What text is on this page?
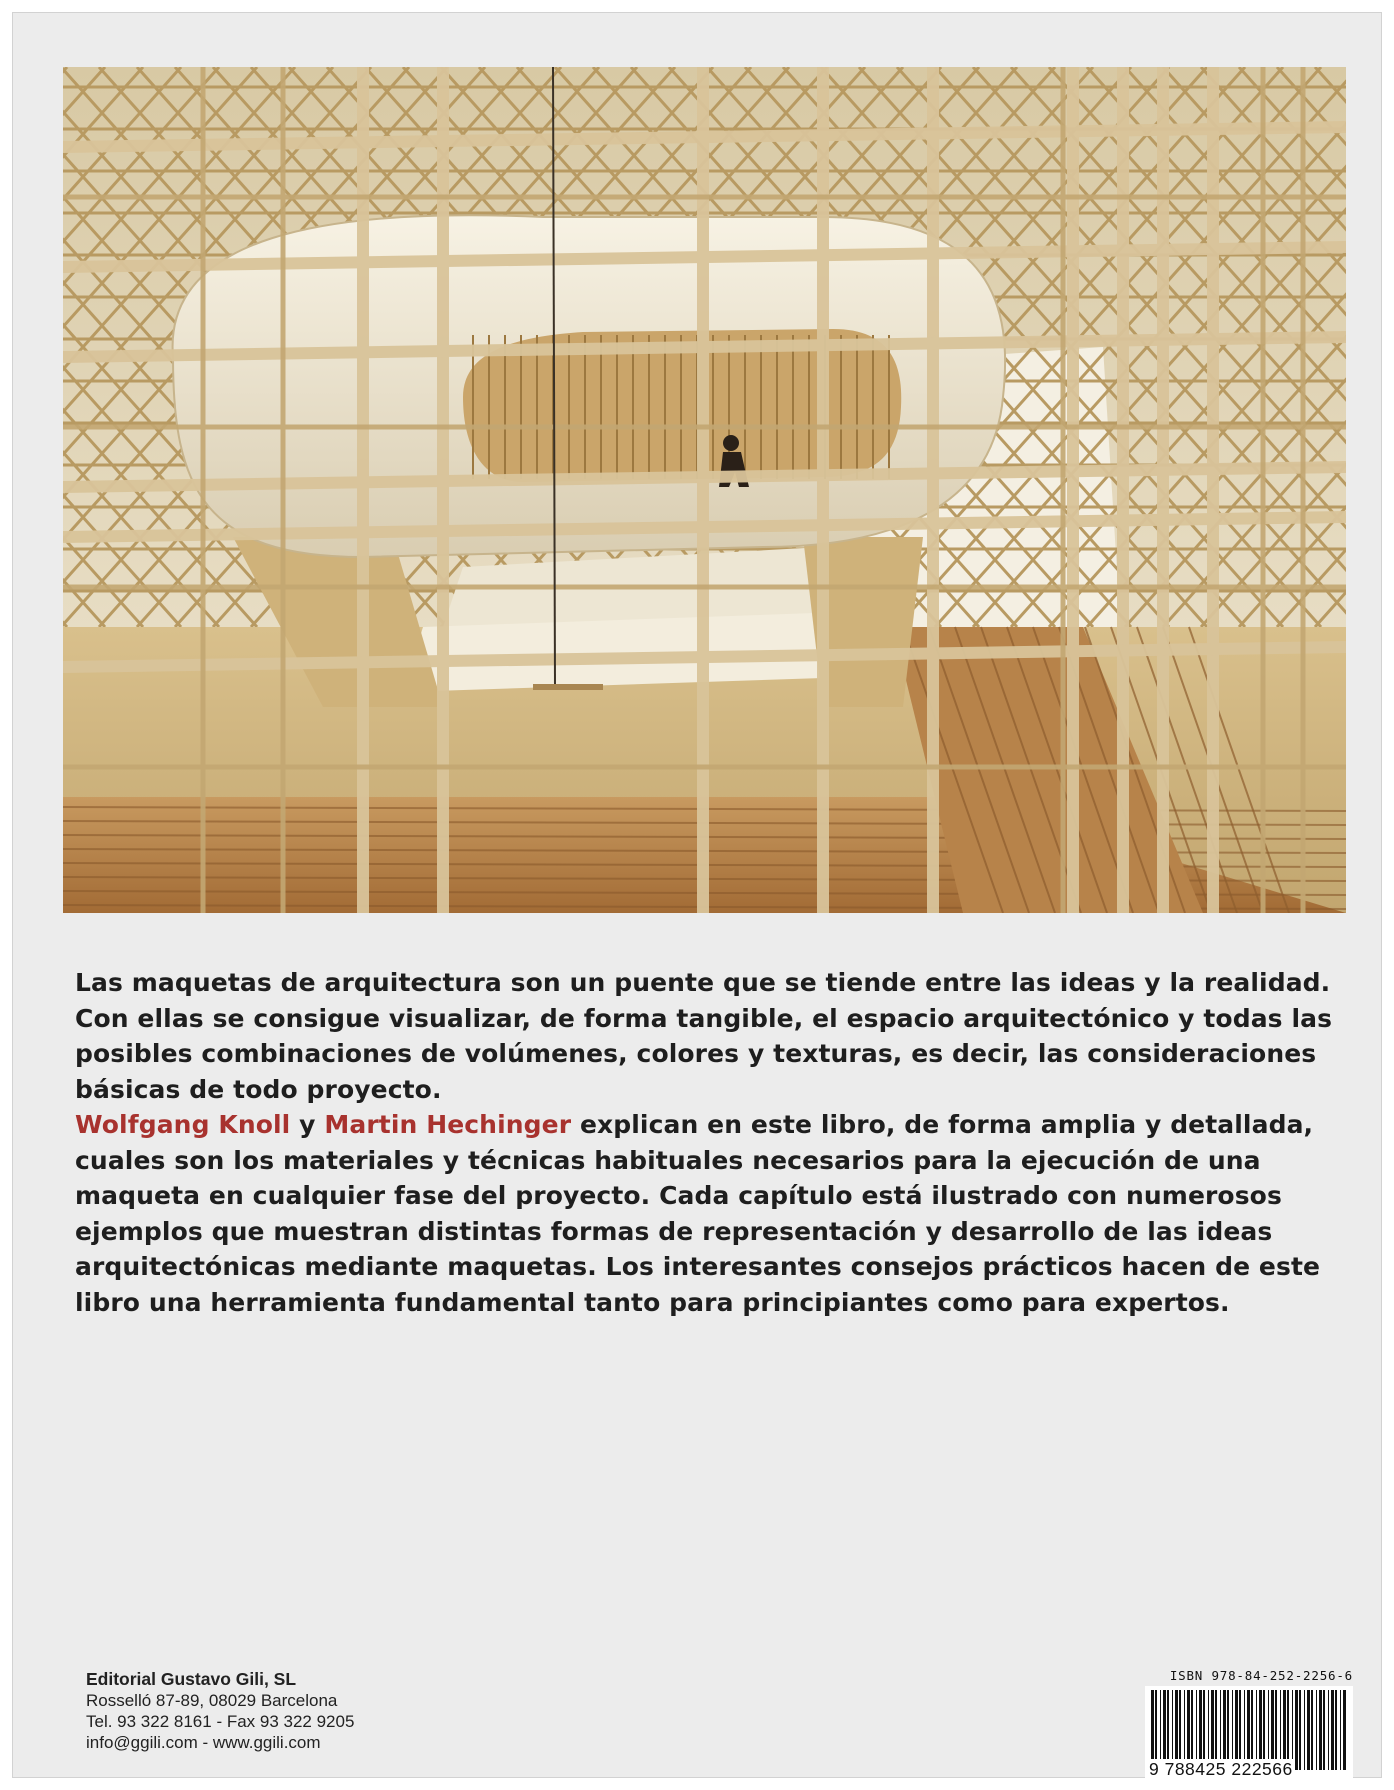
Las maquetas de arquitectura son un puente que se tiende entre las ideas y la realidad. Con ellas se consigue visualizar, de forma tangible, el espacio arquitectónico y todas las posibles combinaciones de volúmenes, colores y texturas, es decir, las consideraciones básicas de todo proyecto.

Wolfgang Knoll y Martin Hechinger explican en este libro, de forma amplia y detallada, cuales son los materiales y técnicas habituales necesarios para la ejecución de una maqueta en cualquier fase del proyecto. Cada capítulo está ilustrado con numerosos ejemplos que muestran distintas formas de representación y desarrollo de las ideas arquitectónicas mediante maquetas. Los interesantes consejos prácticos hacen de este libro una herramienta fundamental tanto para principiantes como para expertos.

Editorial Gustavo Gili, SL
Rosselló 87-89, 08029 Barcelona
Tel. 93 322 8161 - Fax 93 322 9205
info@ggili.com - www.ggili.com
ISBN 978-84-252-2256-6
9 788425 222566
